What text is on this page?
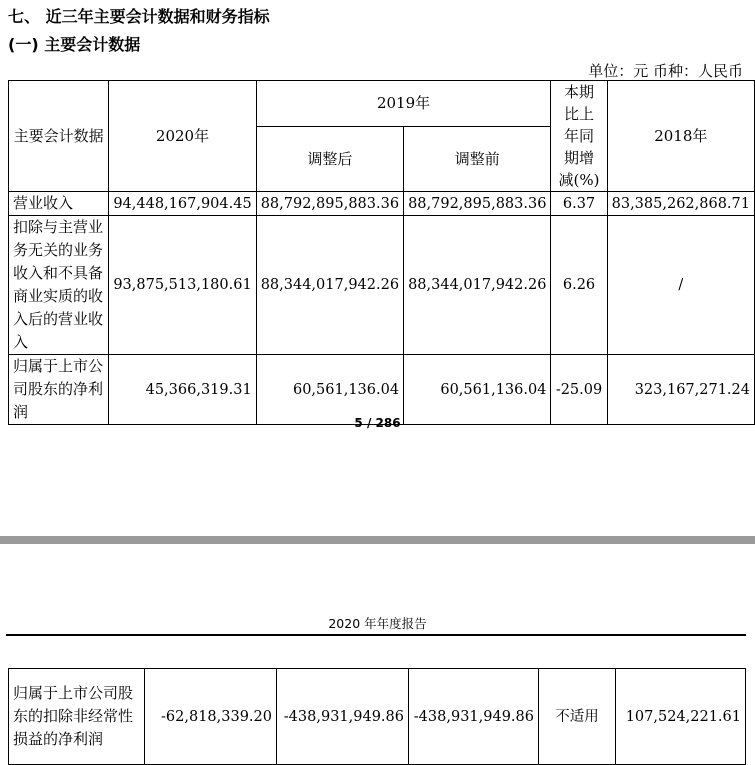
七、 近三年主要会计数据和财务指标
(一) 主要会计数据
单位：元 币种：人民币
主要会计数据	2020年	2019年		本期比上年同期增减(%)	2018年
		调整后	调整前		
营业收入	94,448,167,904.45	88,792,895,883.36	88,792,895,883.36	6.37	83,385,262,868.71
扣除与主营业务无关的业务收入和不具备商业实质的收入后的营业收入	93,875,513,180.61	88,344,017,942.26	88,344,017,942.26	6.26	/
归属于上市公司股东的净利润	45,366,319.31	60,561,136.04	60,561,136.04	-25.09	323,167,271.24
5 / 286
2020 年年度报告
归属于上市公司股东的扣除非经常性损益的净利润	-62,818,339.20	-438,931,949.86	-438,931,949.86	不适用	107,524,221.61
